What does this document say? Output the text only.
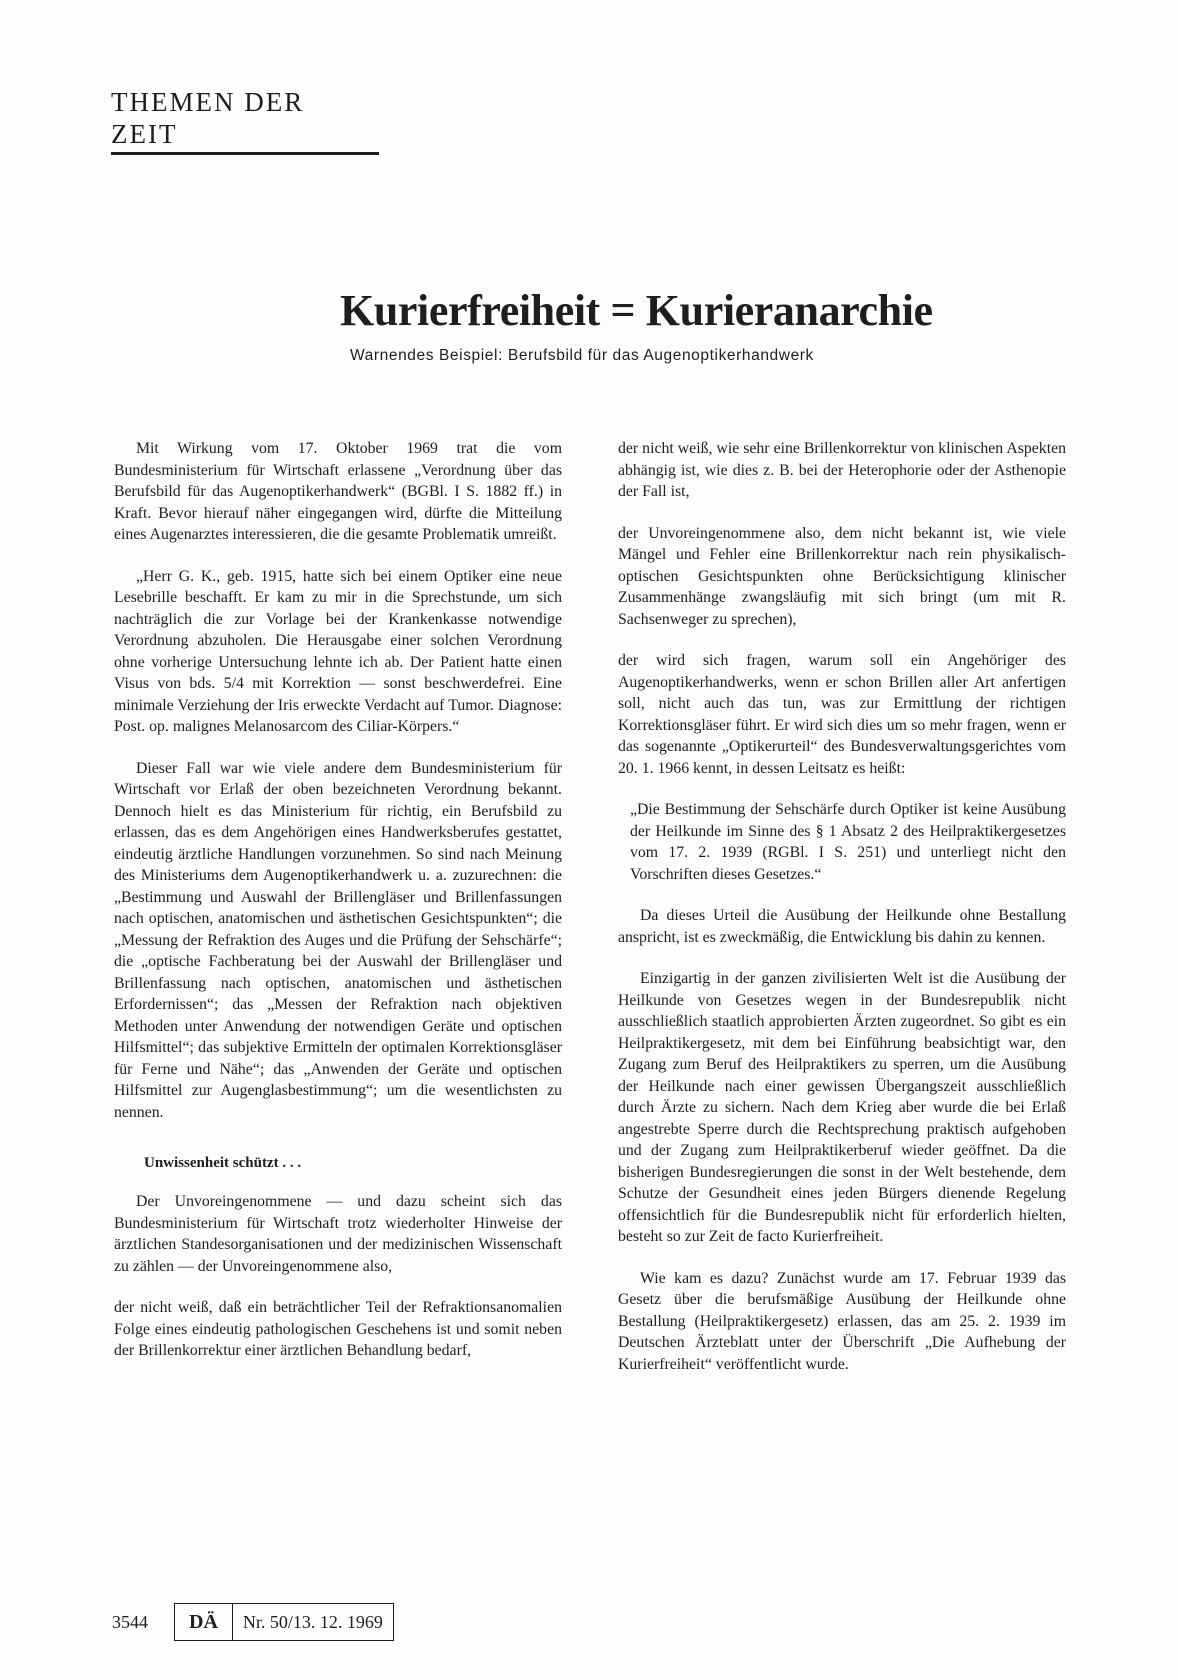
THEMEN DER ZEIT
Kurierfreiheit = Kurieranarchie
Warnendes Beispiel: Berufsbild für das Augenoptikerhandwerk

Mit Wirkung vom 17. Oktober 1969 trat die vom Bundesministerium für Wirtschaft erlassene „Verordnung über das Berufsbild für das Augenoptikerhandwerk“ (BGBl. I S. 1882 ff.) in Kraft. Bevor hierauf näher eingegangen wird, dürfte die Mitteilung eines Augenarztes interessieren, die die gesamte Problematik umreißt.

„Herr G. K., geb. 1915, hatte sich bei einem Optiker eine neue Lesebrille beschafft. Er kam zu mir in die Sprechstunde, um sich nachträglich die zur Vorlage bei der Krankenkasse notwendige Verordnung abzuholen. Die Herausgabe einer solchen Verordnung ohne vorherige Untersuchung lehnte ich ab. Der Patient hatte einen Visus von bds. 5/4 mit Korrektion — sonst beschwerdefrei. Eine minimale Verziehung der Iris erweckte Verdacht auf Tumor. Diagnose: Post. op. malignes Melanosarcom des Ciliar-Körpers.“

Dieser Fall war wie viele andere dem Bundesministerium für Wirtschaft vor Erlaß der oben bezeichneten Verordnung bekannt. Dennoch hielt es das Ministerium für richtig, ein Berufsbild zu erlassen, das es dem Angehörigen eines Handwerksberufes gestattet, eindeutig ärztliche Handlungen vorzunehmen. So sind nach Meinung des Ministeriums dem Augenoptikerhandwerk u. a. zuzurechnen: die „Bestimmung und Auswahl der Brillengläser und Brillenfassungen nach optischen, anatomischen und ästhetischen Gesichtspunkten“; die „Messung der Refraktion des Auges und die Prüfung der Sehschärfe“; die „optische Fachberatung bei der Auswahl der Brillengläser und Brillenfassung nach optischen, anatomischen und ästhetischen Erfordernissen“; das „Messen der Refraktion nach objektiven Methoden unter Anwendung der notwendigen Geräte und optischen Hilfsmittel“; das subjektive Ermitteln der optimalen Korrektionsgläser für Ferne und Nähe“; das „Anwenden der Geräte und optischen Hilfsmittel zur Augenglasbestimmung“; um die wesentlichsten zu nennen.

Unwissenheit schützt . . .

Der Unvoreingenommene — und dazu scheint sich das Bundesministerium für Wirtschaft trotz wiederholter Hinweise der ärztlichen Standesorganisationen und der medizinischen Wissenschaft zu zählen — der Unvoreingenommene also,

der nicht weiß, daß ein beträchtlicher Teil der Refraktionsanomalien Folge eines eindeutig pathologischen Geschehens ist und somit neben der Brillenkorrektur einer ärztlichen Behandlung bedarf,

der nicht weiß, wie sehr eine Brillenkorrektur von klinischen Aspekten abhängig ist, wie dies z. B. bei der Heterophorie oder der Asthenopie der Fall ist,

der Unvoreingenommene also, dem nicht bekannt ist, wie viele Mängel und Fehler eine Brillenkorrektur nach rein physikalisch-optischen Gesichtspunkten ohne Berücksichtigung klinischer Zusammenhänge zwangsläufig mit sich bringt (um mit R. Sachsenweger zu sprechen),

der wird sich fragen, warum soll ein Angehöriger des Augenoptikerhandwerks, wenn er schon Brillen aller Art anfertigen soll, nicht auch das tun, was zur Ermittlung der richtigen Korrektionsgläser führt. Er wird sich dies um so mehr fragen, wenn er das sogenannte „Optikerurteil“ des Bundesverwaltungsgerichtes vom 20. 1. 1966 kennt, in dessen Leitsatz es heißt:

„Die Bestimmung der Sehschärfe durch Optiker ist keine Ausübung der Heilkunde im Sinne des § 1 Absatz 2 des Heilpraktikergesetzes vom 17. 2. 1939 (RGBl. I S. 251) und unterliegt nicht den Vorschriften dieses Gesetzes.“

Da dieses Urteil die Ausübung der Heilkunde ohne Bestallung anspricht, ist es zweckmäßig, die Entwicklung bis dahin zu kennen.

Einzigartig in der ganzen zivilisierten Welt ist die Ausübung der Heilkunde von Gesetzes wegen in der Bundesrepublik nicht ausschließlich staatlich approbierten Ärzten zugeordnet. So gibt es ein Heilpraktikergesetz, mit dem bei Einführung beabsichtigt war, den Zugang zum Beruf des Heilpraktikers zu sperren, um die Ausübung der Heilkunde nach einer gewissen Übergangszeit ausschließlich durch Ärzte zu sichern. Nach dem Krieg aber wurde die bei Erlaß angestrebte Sperre durch die Rechtsprechung praktisch aufgehoben und der Zugang zum Heilpraktikerberuf wieder geöffnet. Da die bisherigen Bundesregierungen die sonst in der Welt bestehende, dem Schutze der Gesundheit eines jeden Bürgers dienende Regelung offensichtlich für die Bundesrepublik nicht für erforderlich hielten, besteht so zur Zeit de facto Kurierfreiheit.

Wie kam es dazu? Zunächst wurde am 17. Februar 1939 das Gesetz über die berufsmäßige Ausübung der Heilkunde ohne Bestallung (Heilpraktikergesetz) erlassen, das am 25. 2. 1939 im Deutschen Ärzteblatt unter der Überschrift „Die Aufhebung der Kurierfreiheit“ veröffentlicht wurde.

3544	DÄ	Nr. 50/13. 12. 1969
